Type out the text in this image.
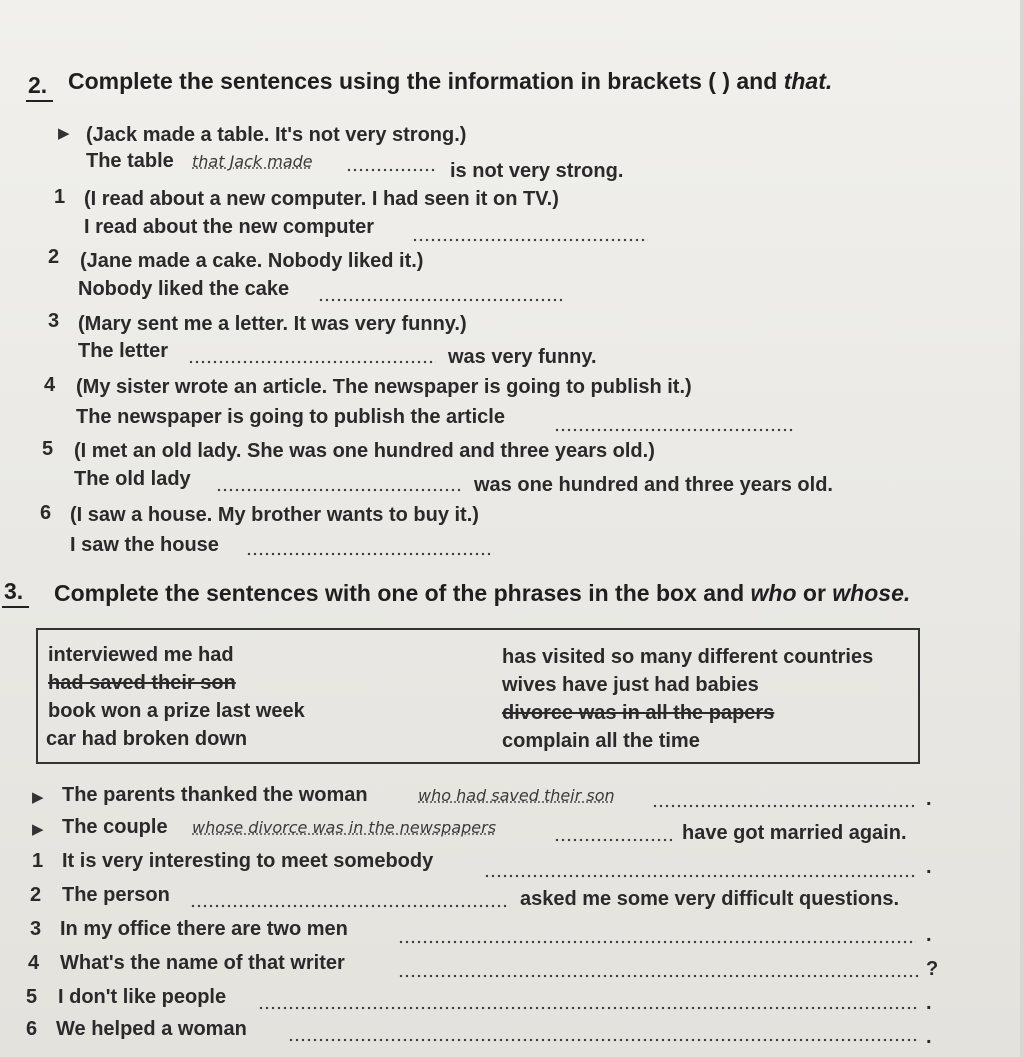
2. Complete the sentences using the information in brackets ( ) and that.
▶ (Jack made a table. It's not very strong.)
The table that Jack made	is not very strong.
1 (I read about a new computer. I had seen it on TV.)
I read about the new computer
2 (Jane made a cake. Nobody liked it.)
Nobody liked the cake
3 (Mary sent me a letter. It was very funny.)
The letter	was very funny.
4 (My sister wrote an article. The newspaper is going to publish it.)
The newspaper is going to publish the article
5 (I met an old lady. She was one hundred and three years old.)
The old lady	was one hundred and three years old.
6 (I saw a house. My brother wants to buy it.)
I saw the house
3. Complete the sentences with one of the phrases in the box and who or whose.
interviewed me had
had saved their son
book won a prize last week
car had broken down
has visited so many different countries
wives have just had babies
divorce was in all the papers
complain all the time
▶ The parents thanked the woman	who had saved their son	.
▶ The couple whose divorce was in the newspapers	have got married again.
1 It is very interesting to meet somebody	.
2 The person	asked me some very difficult questions.
3 In my office there are two men	.
4 What's the name of that writer	?
5 I don't like people	.
6 We helped a woman	.
